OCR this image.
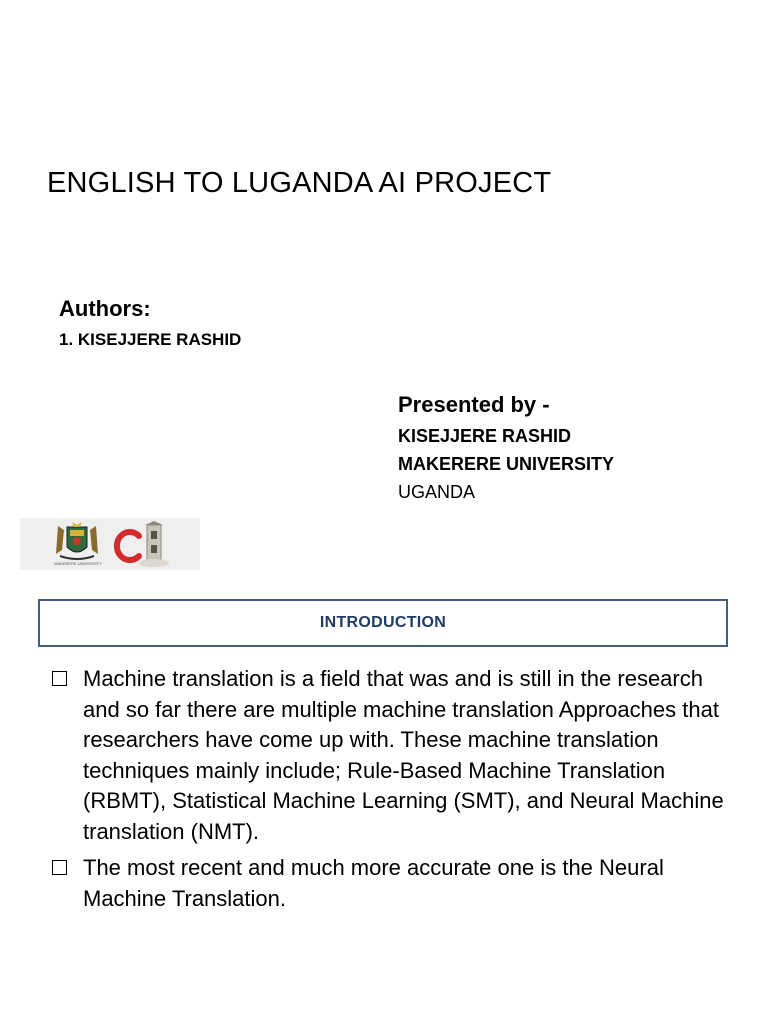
ENGLISH TO LUGANDA AI PROJECT
Authors:
1. KISEJJERE RASHID
Presented by -
KISEJJERE RASHID
MAKERERE UNIVERSITY
UGANDA
MAKERERE UNIVERSITY
INTRODUCTION
Machine translation is a field that was and is still in the research and so far there are multiple machine translation Approaches that researchers have come up with. These machine translation techniques mainly include; Rule-Based Machine Translation (RBMT), Statistical Machine Learning (SMT), and Neural Machine translation (NMT).
The most recent and much more accurate one is the Neural Machine Translation.
